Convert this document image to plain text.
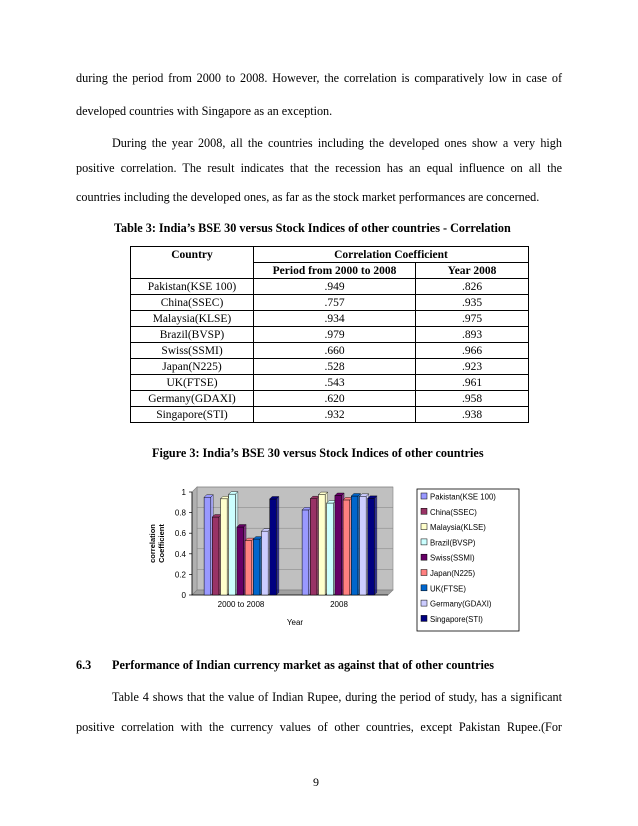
during the period from 2000 to 2008. However, the correlation is comparatively low in case of
developed countries with Singapore as an exception.
During the year 2008, all the countries including the developed ones show a very high
positive correlation. The result indicates that the recession has an equal influence on all the
countries including the developed ones, as far as the stock market performances are concerned.
Table 3: India’s BSE 30 versus Stock Indices of other countries - Correlation
Country	Correlation Coefficient	
	Period from 2000 to 2008	Year 2008
Pakistan(KSE 100)	.949	.826
China(SSEC)	.757	.935
Malaysia(KLSE)	.934	.975
Brazil(BVSP)	.979	.893
Swiss(SSMI)	.660	.966
Japan(N225)	.528	.923
UK(FTSE)	.543	.961
Germany(GDAXI)	.620	.958
Singapore(STI)	.932	.938
Figure 3: India’s BSE 30 versus Stock Indices of other countries
0
0.2
0.4
0.6
0.8
1
correlation Coefficient
2000 to 2008	2008
Year
Pakistan(KSE 100)
China(SSEC)
Malaysia(KLSE)
Brazil(BVSP)
Swiss(SSMI)
Japan(N225)
UK(FTSE)
Germany(GDAXI)
Singapore(STI)
6.3 Performance of Indian currency market as against that of other countries
Table 4 shows that the value of Indian Rupee, during the period of study, has a significant
positive correlation with the currency values of other countries, except Pakistan Rupee.(For
9
